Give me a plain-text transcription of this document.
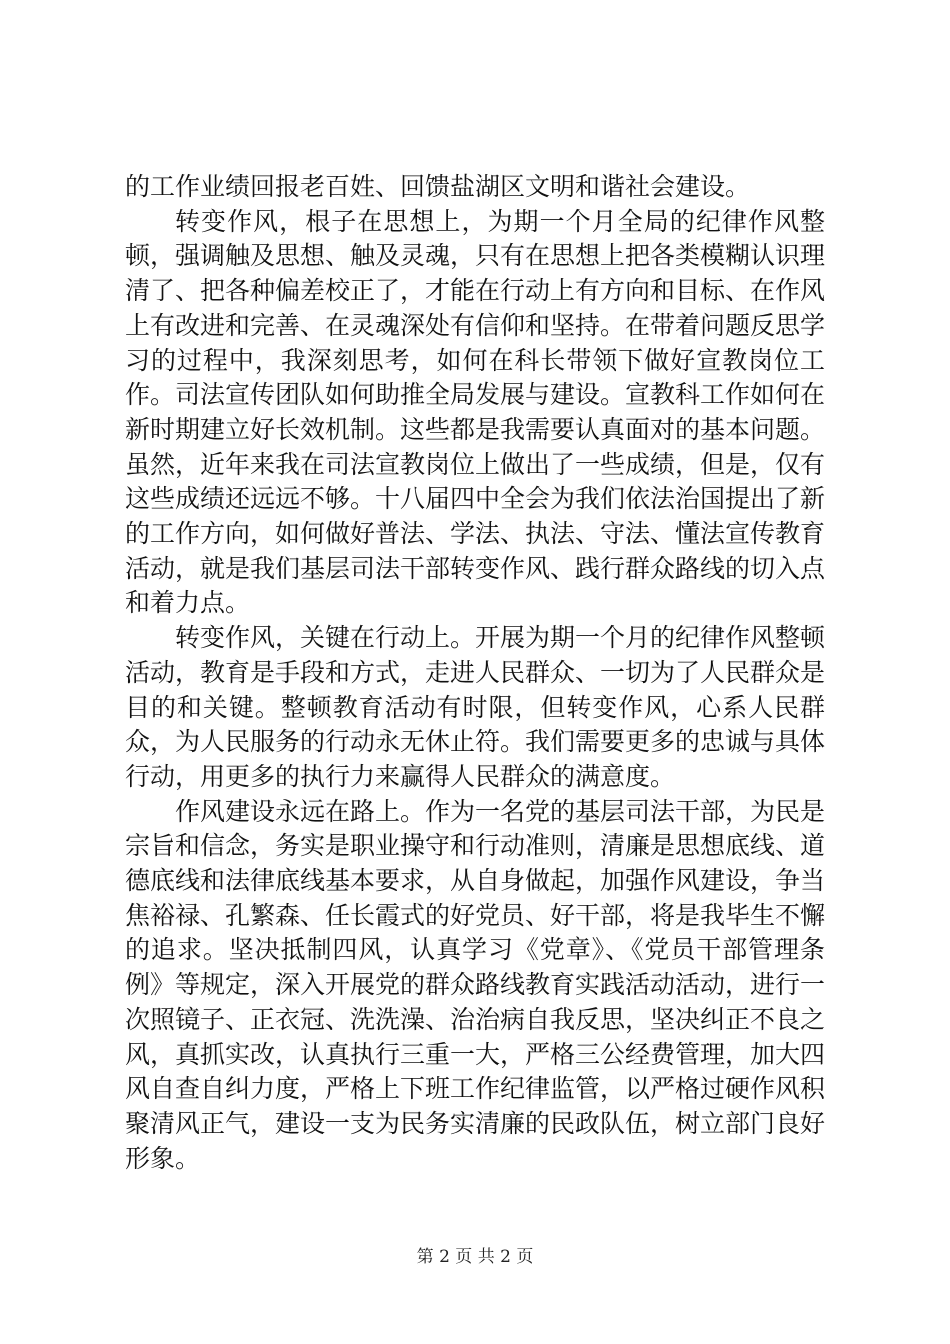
的工作业绩回报老百姓、回馈盐湖区文明和谐社会建设。

转变作风，根子在思想上，为期一个月全局的纪律作风整顿，强调触及思想、触及灵魂，只有在思想上把各类模糊认识理清了、把各种偏差校正了，才能在行动上有方向和目标、在作风上有改进和完善、在灵魂深处有信仰和坚持。在带着问题反思学习的过程中，我深刻思考，如何在科长带领下做好宣教岗位工作。司法宣传团队如何助推全局发展与建设。宣教科工作如何在新时期建立好长效机制。这些都是我需要认真面对的基本问题。虽然，近年来我在司法宣教岗位上做出了一些成绩，但是，仅有这些成绩还远远不够。十八届四中全会为我们依法治国提出了新的工作方向，如何做好普法、学法、执法、守法、懂法宣传教育活动，就是我们基层司法干部转变作风、践行群众路线的切入点和着力点。

转变作风，关键在行动上。开展为期一个月的纪律作风整顿活动，教育是手段和方式，走进人民群众、一切为了人民群众是目的和关键。整顿教育活动有时限，但转变作风，心系人民群众，为人民服务的行动永无休止符。我们需要更多的忠诚与具体行动，用更多的执行力来赢得人民群众的满意度。

作风建设永远在路上。作为一名党的基层司法干部，为民是宗旨和信念，务实是职业操守和行动准则，清廉是思想底线、道德底线和法律底线基本要求，从自身做起，加强作风建设，争当焦裕禄、孔繁森、任长霞式的好党员、好干部，将是我毕生不懈的追求。坚决抵制四风，认真学习《党章》、《党员干部管理条例》等规定，深入开展党的群众路线教育实践活动活动，进行一次照镜子、正衣冠、洗洗澡、治治病自我反思，坚决纠正不良之风，真抓实改，认真执行三重一大，严格三公经费管理，加大四风自查自纠力度，严格上下班工作纪律监管，以严格过硬作风积聚清风正气，建设一支为民务实清廉的民政队伍，树立部门良好形象。

第 2 页 共 2 页
